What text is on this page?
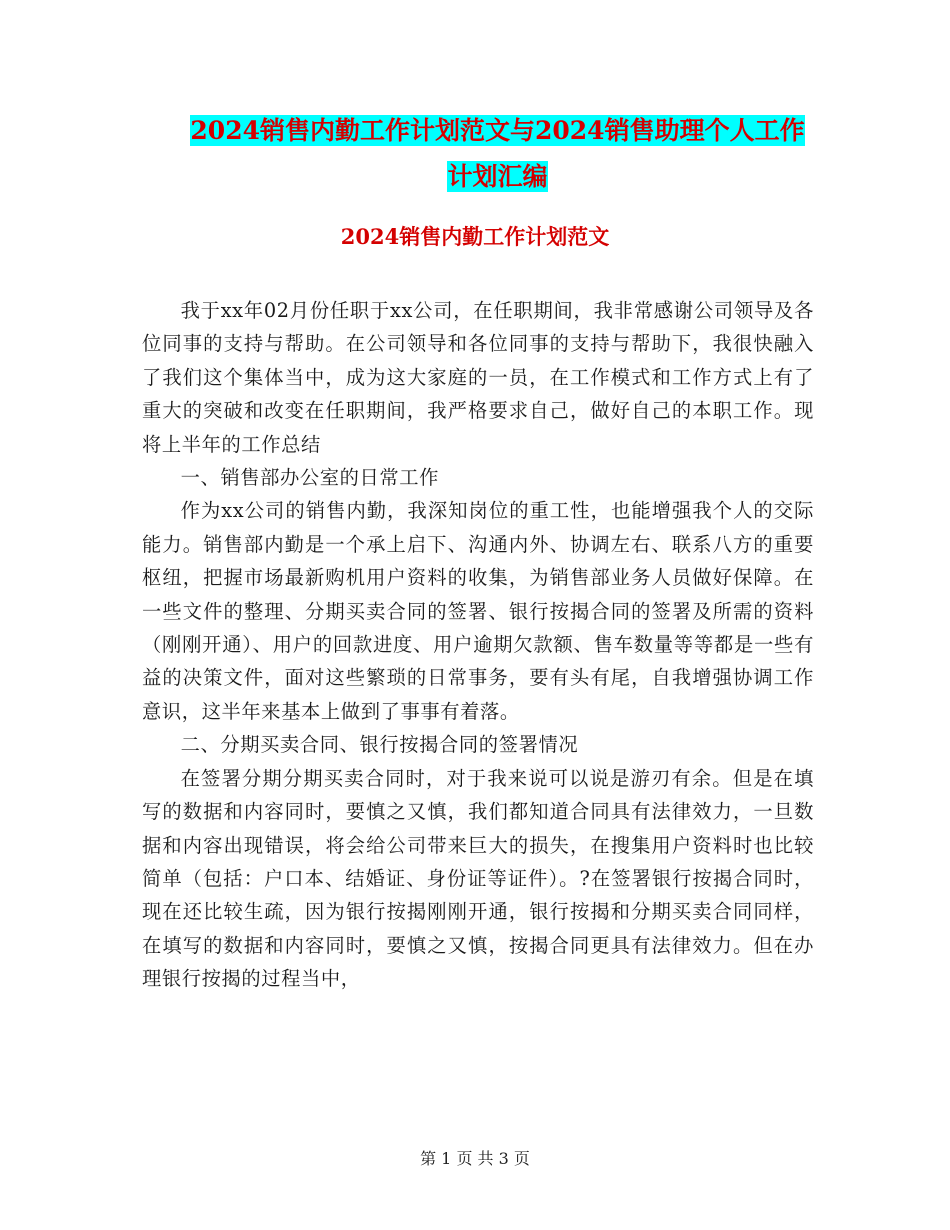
2024销售内勤工作计划范文与2024销售助理个人工作
计划汇编
2024销售内勤工作计划范文

我于xx年02月份任职于xx公司，在任职期间，我非常感谢公司领导及各位同事的支持与帮助。在公司领导和各位同事的支持与帮助下，我很快融入了我们这个集体当中，成为这大家庭的一员，在工作模式和工作方式上有了重大的突破和改变在任职期间，我严格要求自己，做好自己的本职工作。现将上半年的工作总结

一、销售部办公室的日常工作

作为xx公司的销售内勤，我深知岗位的重工性，也能增强我个人的交际能力。销售部内勤是一个承上启下、沟通内外、协调左右、联系八方的重要枢纽，把握市场最新购机用户资料的收集，为销售部业务人员做好保障。在一些文件的整理、分期买卖合同的签署、银行按揭合同的签署及所需的资料（刚刚开通）、用户的回款进度、用户逾期欠款额、售车数量等等都是一些有益的决策文件，面对这些繁琐的日常事务，要有头有尾，自我增强协调工作意识，这半年来基本上做到了事事有着落。

二、分期买卖合同、银行按揭合同的签署情况

在签署分期分期买卖合同时，对于我来说可以说是游刃有余。但是在填写的数据和内容同时，要慎之又慎，我们都知道合同具有法律效力，一旦数据和内容出现错误，将会给公司带来巨大的损失，在搜集用户资料时也比较简单（包括：户口本、结婚证、身份证等证件）。?在签署银行按揭合同时，现在还比较生疏，因为银行按揭刚刚开通，银行按揭和分期买卖合同同样，在填写的数据和内容同时，要慎之又慎，按揭合同更具有法律效力。但在办理银行按揭的过程当中，

第 1 页 共 3 页
